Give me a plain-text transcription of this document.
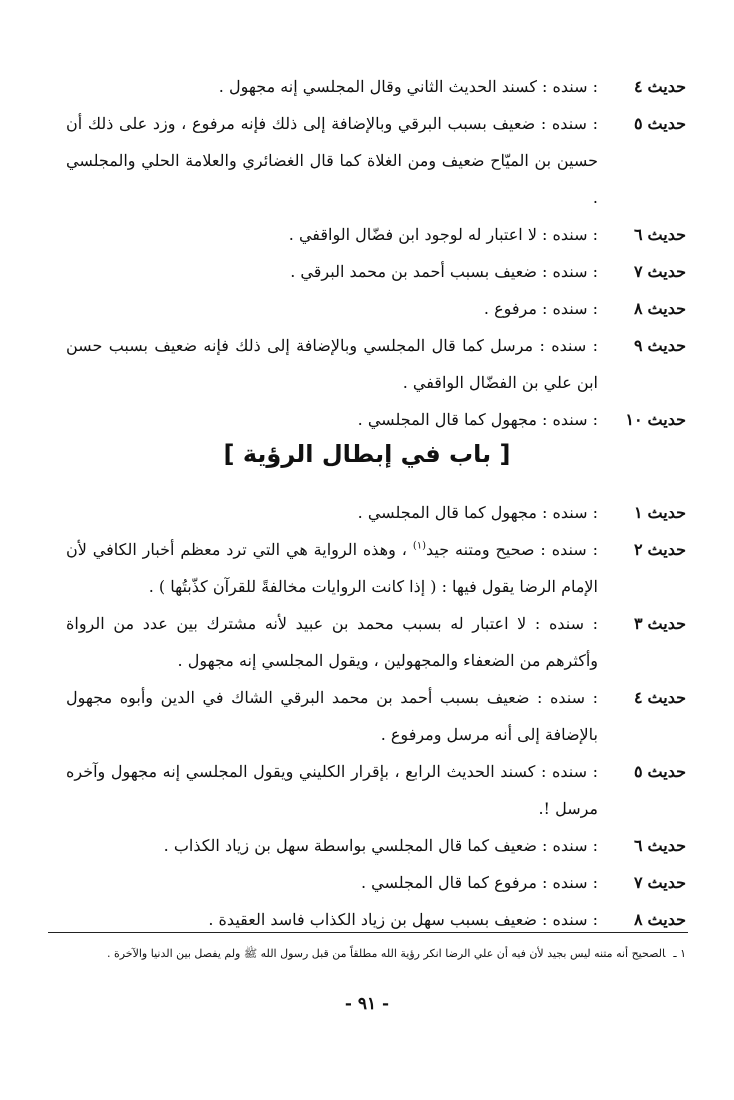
حديث٤
: سنده : كسند الحديث الثاني وقال المجلسي إنه مجهول .
حديث٥
: سنده : ضعيف بسبب البرقي وبالإضافة إلى ذلك فإنه مرفوع ، وزد على ذلك أن حسين بن الميّاح ضعيف ومن الغلاة كما قال الغضائري والعلامة الحلي والمجلسي .
حديث٦
: سنده : لا اعتبار له لوجود ابن فضّال الواقفي .
حديث٧
: سنده : ضعيف بسبب أحمد بن محمد البرقي .
حديث٨
: سنده : مرفوع .
حديث٩
: سنده : مرسل كما قال المجلسي وبالإضافة إلى ذلك فإنه ضعيف بسبب حسن ابن علي بن الفضّال الواقفي .
حديث١٠
: سنده : مجهول كما قال المجلسي .
[ باب في إبطال الرؤية ]
حديث١
: سنده : مجهول كما قال المجلسي .
حديث٢
: سنده : صحيح ومتنه جيد$^{(١)}$ ، وهذه الرواية هي التي ترد معظم أخبار الكافي لأن الإمام الرضا يقول فيها : ( إذا كانت الروايات مخالفةً للقرآن كذّبتُها ) .
حديث٣
: سنده : لا اعتبار له بسبب محمد بن عبيد لأنه مشترك بين عدد من الرواة وأكثرهم من الضعفاء والمجهولين ، ويقول المجلسي إنه مجهول .
حديث٤
: سنده : ضعيف بسبب أحمد بن محمد البرقي الشاك في الدين وأبوه مجهول بالإضافة إلى أنه مرسل ومرفوع .
حديث٥
: سنده : كسند الحديث الرابع ، بإقرار الكليني ويقول المجلسي إنه مجهول وآخره مرسل !.
حديث٦
: سنده : ضعيف كما قال المجلسي بواسطة سهل بن زياد الكذاب .
حديث٧
: سنده : مرفوع كما قال المجلسي .
حديث٨
: سنده : ضعيف بسبب سهل بن زياد الكذاب فاسد العقيدة .
١ ـالصحيح أنه متنه ليس بجيد لأن فيه أن علي الرضا انكر رؤية الله مطلقاً من قبل رسول الله ﷺ ولم يفصل بين الدنيا والآخرة .
- ٩١ -
